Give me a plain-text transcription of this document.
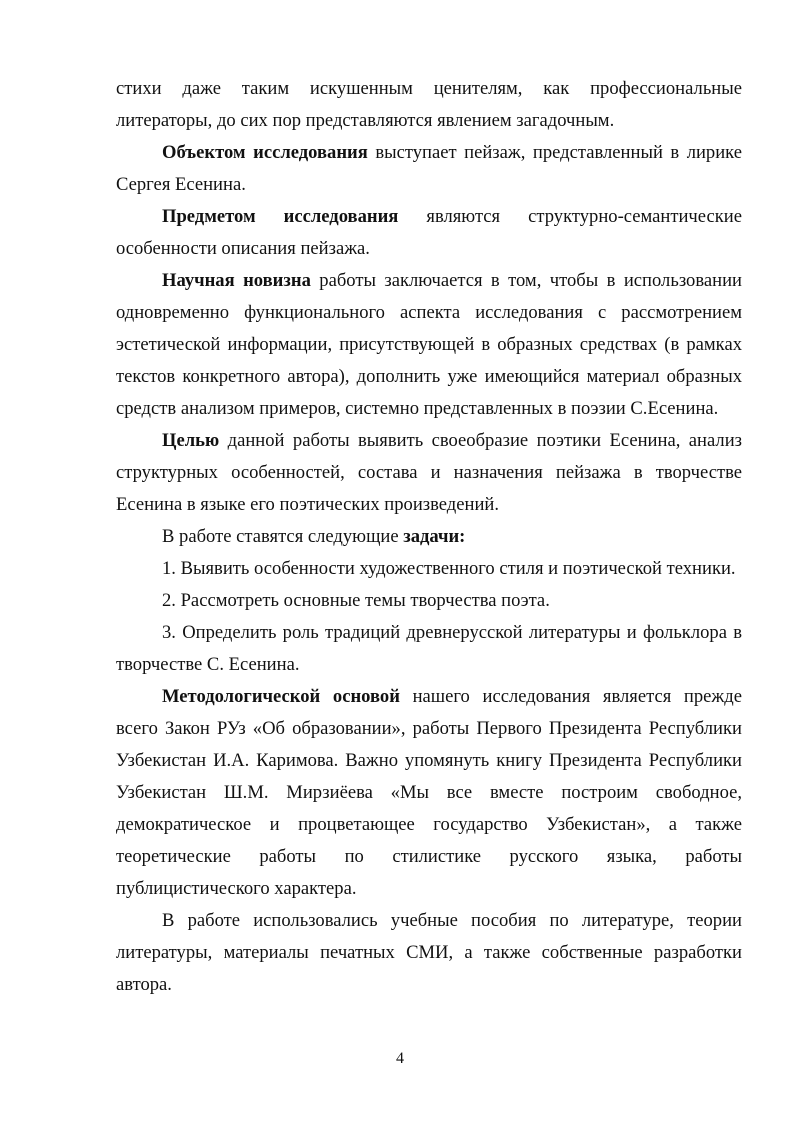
стихи даже таким искушенным ценителям, как профессиональные литераторы, до сих пор представляются явлением загадочным.

Объектом исследования выступает пейзаж, представленный в лирике Сергея Есенина.

Предметом исследования являются структурно-семантические особенности описания пейзажа.

Научная новизна работы заключается в том, чтобы в использовании одновременно функционального аспекта исследования с рассмотрением эстетической информации, присутствующей в образных средствах (в рамках текстов конкретного автора), дополнить уже имеющийся материал образных средств анализом примеров, системно представленных в поэзии С.Есенина.

Целью данной работы выявить своеобразие поэтики Есенина, анализ структурных особенностей, состава и назначения пейзажа в творчестве Есенина в языке его поэтических произведений.

В работе ставятся следующие задачи:

1. Выявить особенности художественного стиля и поэтической техники.

2. Рассмотреть основные темы творчества поэта.

3. Определить роль традиций древнерусской литературы и фольклора в творчестве С. Есенина.

Методологической основой нашего исследования является прежде всего Закон РУз «Об образовании», работы Первого Президента Республики Узбекистан И.А. Каримова. Важно упомянуть книгу Президента Республики Узбекистан Ш.М. Мирзиёева «Мы все вместе построим свободное, демократическое и процветающее государство Узбекистан», а также теоретические работы по стилистике русского языка, работы публицистического характера.

В работе использовались учебные пособия по литературе, теории литературы, материалы печатных СМИ, а также собственные разработки автора.

4
